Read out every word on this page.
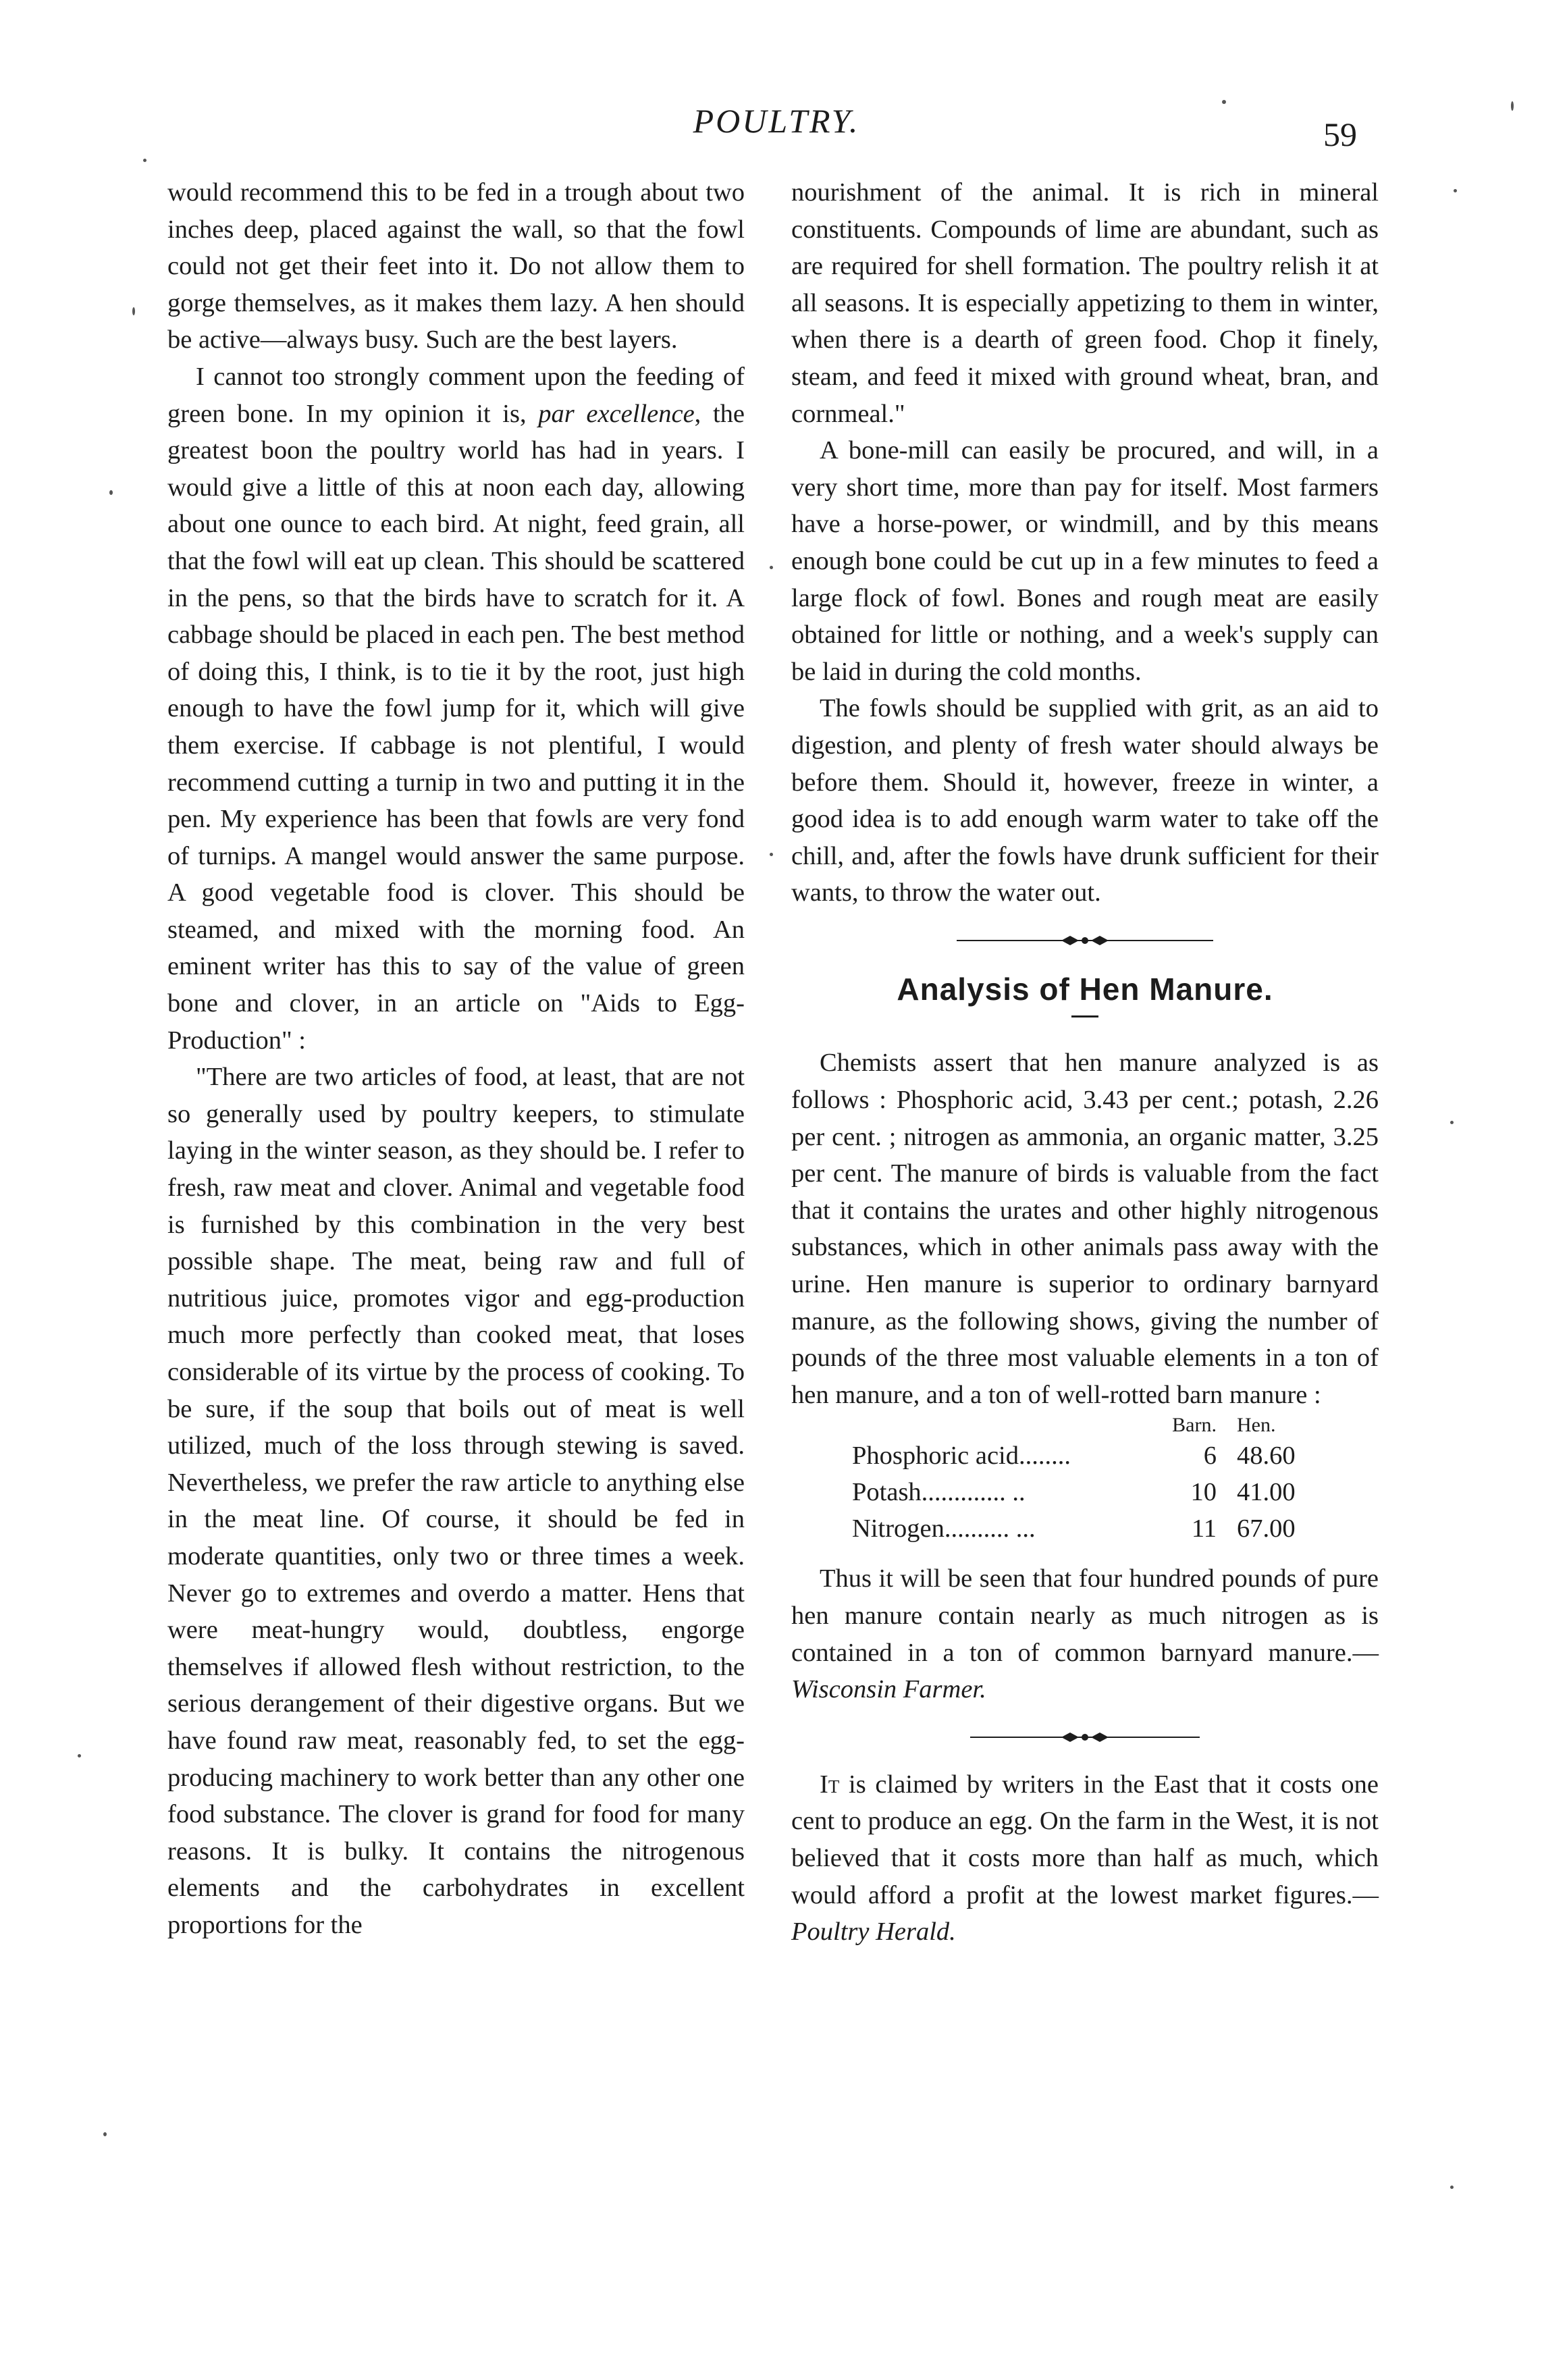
POULTRY.	59

would recommend this to be fed in a trough about two inches deep, placed against the wall, so that the fowl could not get their feet into it. Do not allow them to gorge themselves, as it makes them lazy. A hen should be active—always busy. Such are the best layers.

I cannot too strongly comment upon the feeding of green bone. In my opinion it is, par excellence, the greatest boon the poultry world has had in years. I would give a little of this at noon each day, allowing about one ounce to each bird. At night, feed grain, all that the fowl will eat up clean. This should be scattered in the pens, so that the birds have to scratch for it. A cabbage should be placed in each pen. The best method of doing this, I think, is to tie it by the root, just high enough to have the fowl jump for it, which will give them exercise. If cabbage is not plentiful, I would recommend cutting a turnip in two and putting it in the pen. My experience has been that fowls are very fond of turnips. A mangel would answer the same purpose. A good vegetable food is clover. This should be steamed, and mixed with the morning food. An eminent writer has this to say of the value of green bone and clover, in an article on "Aids to Egg-Production" :

"There are two articles of food, at least, that are not so generally used by poultry keepers, to stimulate laying in the winter season, as they should be. I refer to fresh, raw meat and clover. Animal and vegetable food is furnished by this combination in the very best possible shape. The meat, being raw and full of nutritious juice, promotes vigor and egg-production much more perfectly than cooked meat, that loses considerable of its virtue by the process of cooking. To be sure, if the soup that boils out of meat is well utilized, much of the loss through stewing is saved. Nevertheless, we prefer the raw article to anything else in the meat line. Of course, it should be fed in moderate quantities, only two or three times a week. Never go to extremes and overdo a matter. Hens that were meat-hungry would, doubtless, engorge themselves if allowed flesh without restriction, to the serious derangement of their digestive organs. But we have found raw meat, reasonably fed, to set the egg-producing machinery to work better than any other one food substance. The clover is grand for food for many reasons. It is bulky. It contains the nitrogenous elements and the carbohydrates in excellent proportions for the

nourishment of the animal. It is rich in mineral constituents. Compounds of lime are abundant, such as are required for shell formation. The poultry relish it at all seasons. It is especially appetizing to them in winter, when there is a dearth of green food. Chop it finely, steam, and feed it mixed with ground wheat, bran, and cornmeal."

A bone-mill can easily be procured, and will, in a very short time, more than pay for itself. Most farmers have a horse-power, or windmill, and by this means enough bone could be cut up in a few minutes to feed a large flock of fowl. Bones and rough meat are easily obtained for little or nothing, and a week's supply can be laid in during the cold months.

The fowls should be supplied with grit, as an aid to digestion, and plenty of fresh water should always be before them. Should it, however, freeze in winter, a good idea is to add enough warm water to take off the chill, and, after the fowls have drunk sufficient for their wants, to throw the water out.

Analysis of Hen Manure.

Chemists assert that hen manure analyzed is as follows : Phosphoric acid, 3.43 per cent.; potash, 2.26 per cent. ; nitrogen as ammonia, an organic matter, 3.25 per cent. The manure of birds is valuable from the fact that it contains the urates and other highly nitrogenous substances, which in other animals pass away with the urine. Hen manure is superior to ordinary barnyard manure, as the following shows, giving the number of pounds of the three most valuable elements in a ton of hen manure, and a ton of well-rotted barn manure :

	Barn.	Hen.
Phosphoric acid........	6	48.60
Potash............. ..	10	41.00
Nitrogen.......... ...	11	67.00

Thus it will be seen that four hundred pounds of pure hen manure contain nearly as much nitrogen as is contained in a ton of common barnyard manure.— Wisconsin Farmer.

It is claimed by writers in the East that it costs one cent to produce an egg. On the farm in the West, it is not believed that it costs more than half as much, which would afford a profit at the lowest market figures.—Poultry Herald.
